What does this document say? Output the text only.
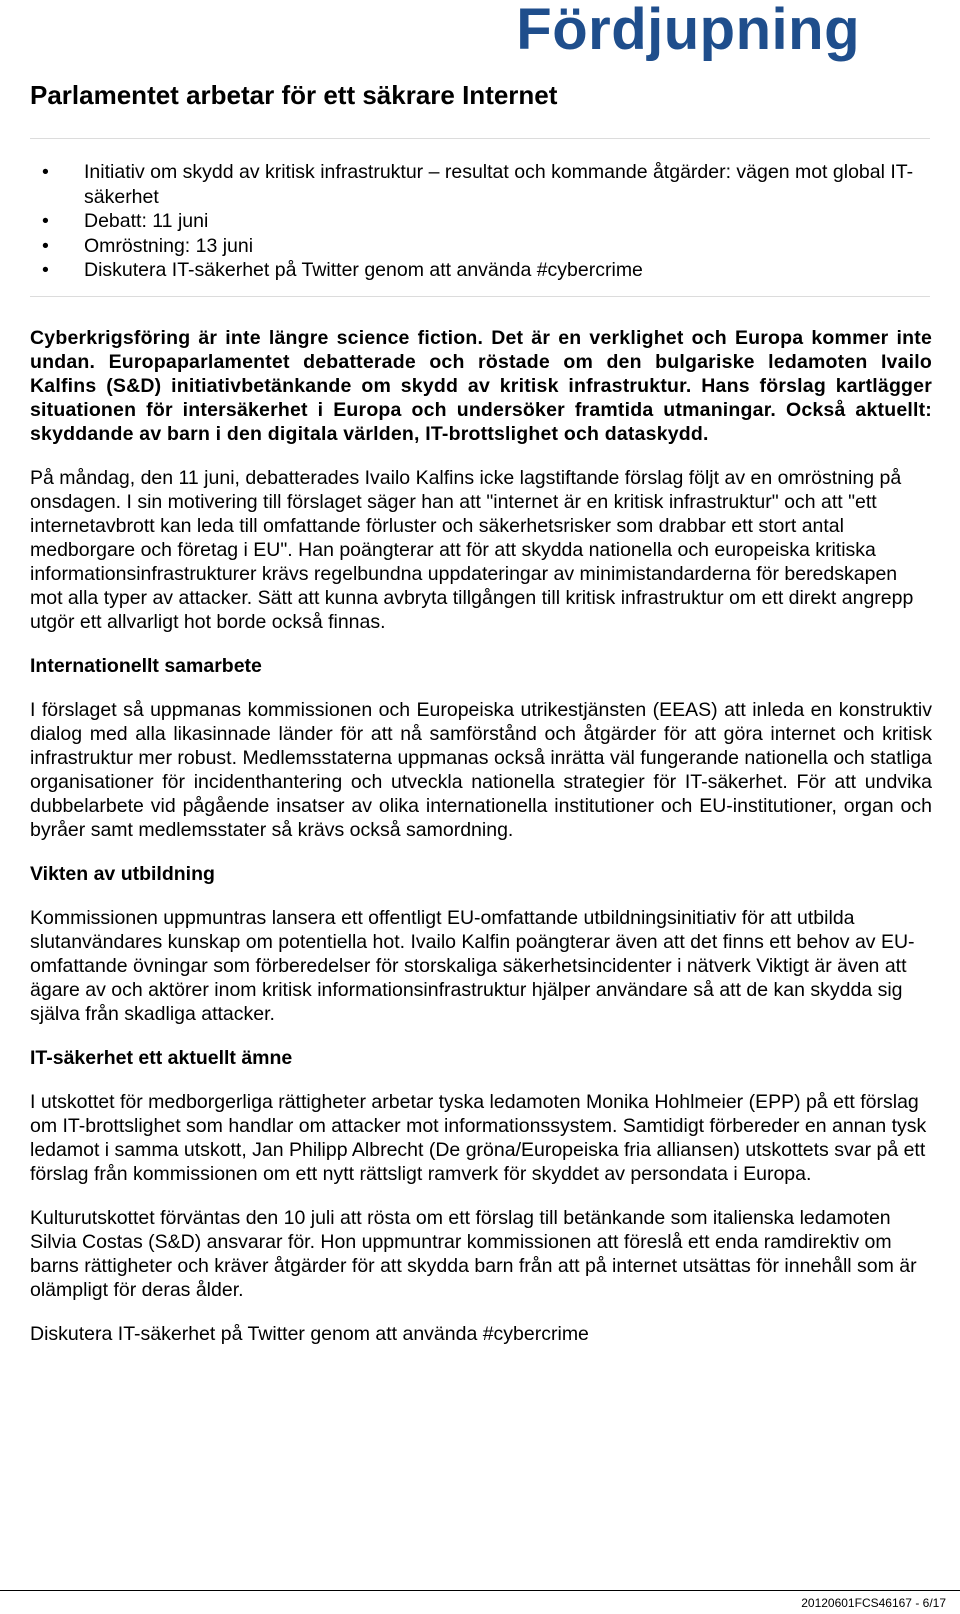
Fördjupning
Parlamentet arbetar för ett säkrare Internet
• Initiativ om skydd av kritisk infrastruktur – resultat och kommande åtgärder: vägen mot global IT-säkerhet
• Debatt: 11 juni
• Omröstning: 13 juni
• Diskutera IT-säkerhet på Twitter genom att använda #cybercrime

Cyberkrigsföring är inte längre science fiction. Det är en verklighet och Europa kommer inte undan. Europaparlamentet debatterade och röstade om den bulgariske ledamoten Ivailo Kalfins (S&D) initiativbetänkande om skydd av kritisk infrastruktur. Hans förslag kartlägger situationen för intersäkerhet i Europa och undersöker framtida utmaningar. Också aktuellt: skyddande av barn i den digitala världen, IT-brottslighet och dataskydd.

På måndag, den 11 juni, debatterades Ivailo Kalfins icke lagstiftande förslag följt av en omröstning på onsdagen. I sin motivering till förslaget säger han att "internet är en kritisk infrastruktur" och att "ett internetavbrott kan leda till omfattande förluster och säkerhetsrisker som drabbar ett stort antal medborgare och företag i EU". Han poängterar att för att skydda nationella och europeiska kritiska informationsinfrastrukturer krävs regelbundna uppdateringar av minimistandarderna för beredskapen mot alla typer av attacker. Sätt att kunna avbryta tillgången till kritisk infrastruktur om ett direkt angrepp utgör ett allvarligt hot borde också finnas.

Internationellt samarbete

I förslaget så uppmanas kommissionen och Europeiska utrikestjänsten (EEAS) att inleda en konstruktiv dialog med alla likasinnade länder för att nå samförstånd och åtgärder för att göra internet och kritisk infrastruktur mer robust. Medlemsstaterna uppmanas också inrätta väl fungerande nationella och statliga organisationer för incidenthantering och utveckla nationella strategier för IT-säkerhet. För att undvika dubbelarbete vid pågående insatser av olika internationella institutioner och EU-institutioner, organ och byråer samt medlemsstater så krävs också samordning.

Vikten av utbildning

Kommissionen uppmuntras lansera ett offentligt EU-omfattande utbildningsinitiativ för att utbilda slutanvändares kunskap om potentiella hot. Ivailo Kalfin poängterar även att det finns ett behov av EU-omfattande övningar som förberedelser för storskaliga säkerhetsincidenter i nätverk Viktigt är även att ägare av och aktörer inom kritisk informationsinfrastruktur hjälper användare så att de kan skydda sig själva från skadliga attacker.

IT-säkerhet ett aktuellt ämne

I utskottet för medborgerliga rättigheter arbetar tyska ledamoten Monika Hohlmeier (EPP) på ett förslag om IT-brottslighet som handlar om attacker mot informationssystem. Samtidigt förbereder en annan tysk ledamot i samma utskott, Jan Philipp Albrecht (De gröna/Europeiska fria alliansen) utskottets svar på ett förslag från kommissionen om ett nytt rättsligt ramverk för skyddet av persondata i Europa.

Kulturutskottet förväntas den 10 juli att rösta om ett förslag till betänkande som italienska ledamoten Silvia Costas (S&D) ansvarar för. Hon uppmuntrar kommissionen att föreslå ett enda ramdirektiv om barns rättigheter och kräver åtgärder för att skydda barn från att på internet utsättas för innehåll som är olämpligt för deras ålder.

Diskutera IT-säkerhet på Twitter genom att använda #cybercrime

20120601FCS46167 - 6/17
